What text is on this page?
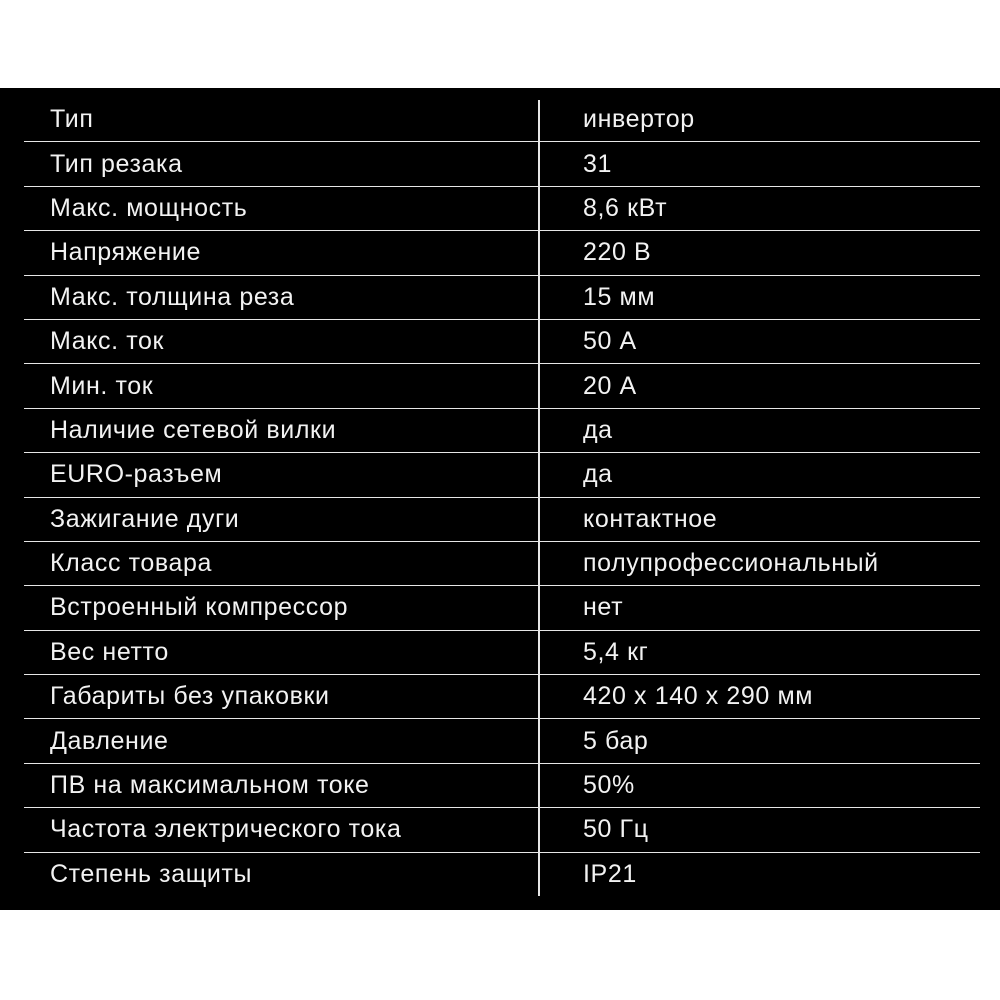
Тип	инвертор
Тип резака	31
Макс. мощность	8,6 кВт
Напряжение	220 В
Макс. толщина реза	15 мм
Макс. ток	50 А
Мин. ток	20 А
Наличие сетевой вилки	да
EURO-разъем	да
Зажигание дуги	контактное
Класс товара	полупрофессиональный
Встроенный компрессор	нет
Вес нетто	5,4 кг
Габариты без упаковки	420 x 140 x 290 мм
Давление	5 бар
ПВ на максимальном токе	50%
Частота электрического тока	50 Гц
Степень защиты	IP21
